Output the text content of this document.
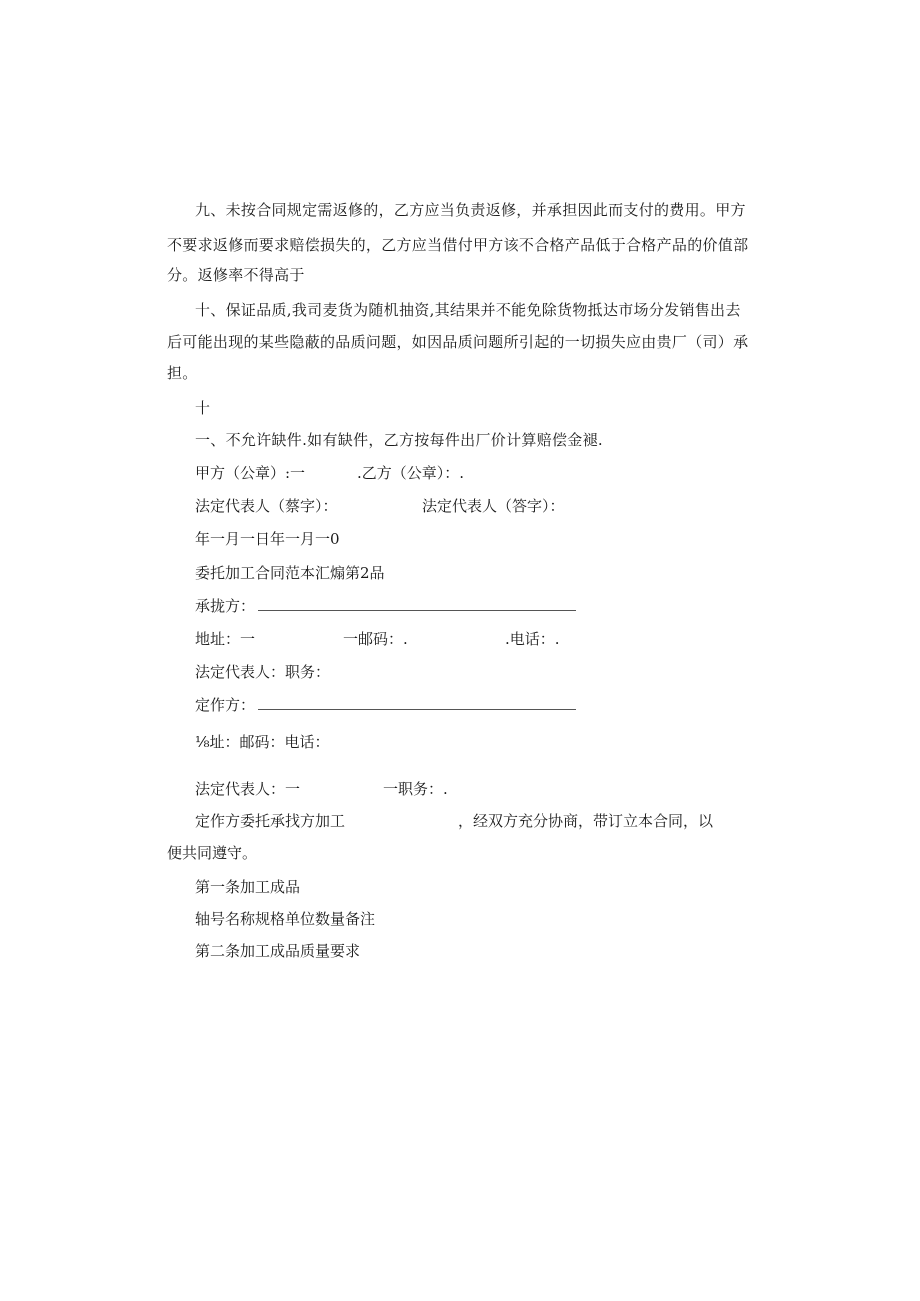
九、未按合同规定需返修的，乙方应当负责返修，并承担因此而支付的费用。甲方
不要求返修而要求赔偿损失的，乙方应当借付甲方该不合格产品低于合格产品的价值部
分。返修率不得高于
十、保证品质,我司麦货为随机抽资,其结果并不能免除货物抵达市场分发销售出去
后可能出现的某些隐蔽的品质问题，如因品质问题所引起的一切损失应由贵厂（司）承
担。
十
一、不允许缺件.如有缺件，乙方按每件出厂价计算赔偿金褪.
甲方（公章）:一	.乙方（公章）：.
法定代表人（蔡字）：	法定代表人（答字）：
年一月一日年一月一0
委托加工合同范本汇煽第2品
承拢方：
地址：一	一邮码：.	.电话：.
法定代表人：职务：
定作方：
⅛址：邮码：电话：
法定代表人：一	一职务：.
定作方委托承找方加工	，经双方充分协商，带订立本合同，以
便共同遵守。
第一条加工成品
轴号名称规格单位数量备注
第二条加工成品质量要求
